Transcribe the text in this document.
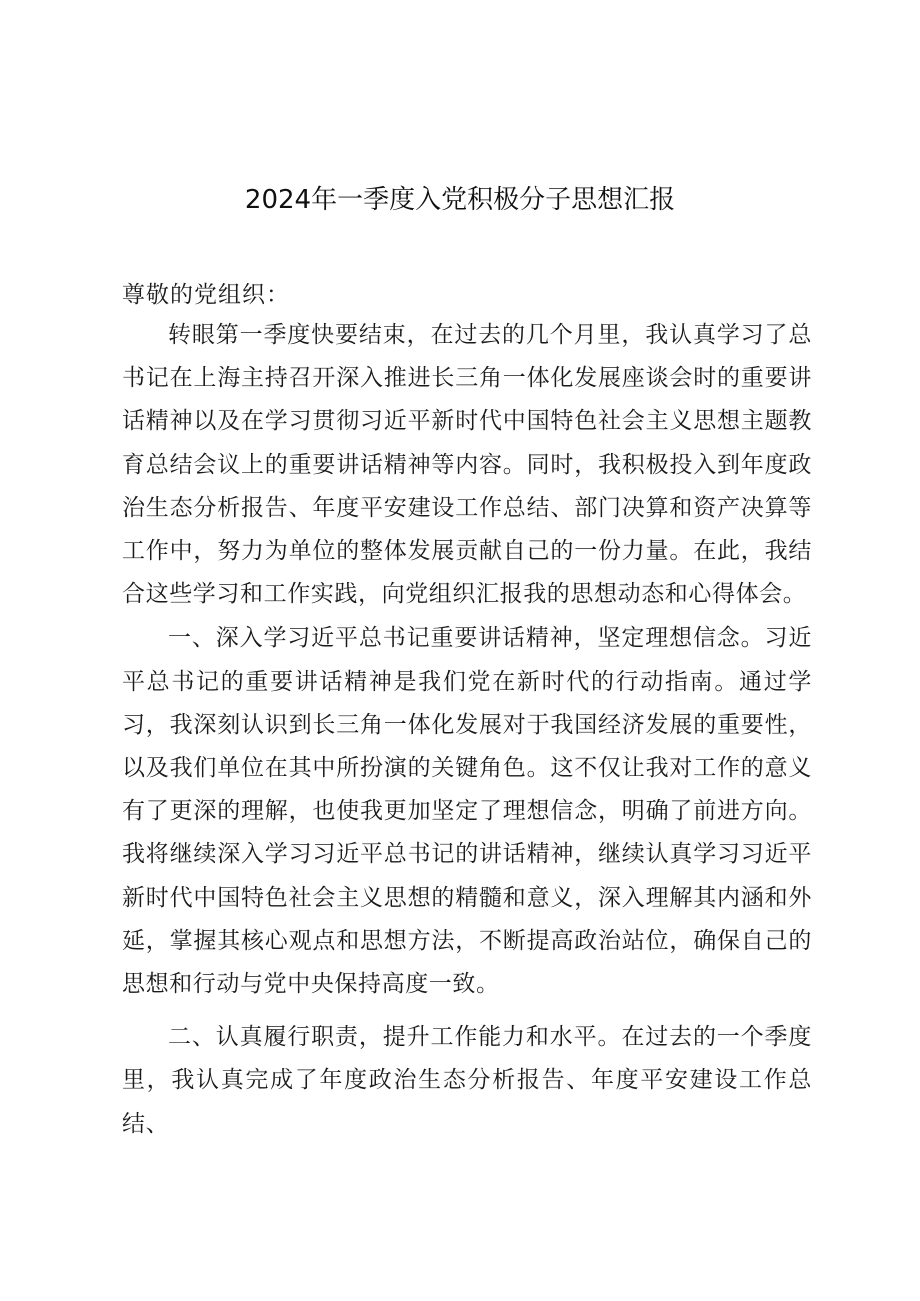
2024年一季度入党积极分子思想汇报

尊敬的党组织：

转眼第一季度快要结束，在过去的几个月里，我认真学习了总书记在上海主持召开深入推进长三角一体化发展座谈会时的重要讲话精神以及在学习贯彻习近平新时代中国特色社会主义思想主题教育总结会议上的重要讲话精神等内容。同时，我积极投入到年度政治生态分析报告、年度平安建设工作总结、部门决算和资产决算等工作中，努力为单位的整体发展贡献自己的一份力量。在此，我结合这些学习和工作实践，向党组织汇报我的思想动态和心得体会。

一、深入学习近平总书记重要讲话精神，坚定理想信念。习近平总书记的重要讲话精神是我们党在新时代的行动指南。通过学习，我深刻认识到长三角一体化发展对于我国经济发展的重要性，以及我们单位在其中所扮演的关键角色。这不仅让我对工作的意义有了更深的理解，也使我更加坚定了理想信念，明确了前进方向。我将继续深入学习习近平总书记的讲话精神，继续认真学习习近平新时代中国特色社会主义思想的精髓和意义，深入理解其内涵和外延，掌握其核心观点和思想方法，不断提高政治站位，确保自己的思想和行动与党中央保持高度一致。

二、认真履行职责，提升工作能力和水平。在过去的一个季度里，我认真完成了年度政治生态分析报告、年度平安建设工作总结、
